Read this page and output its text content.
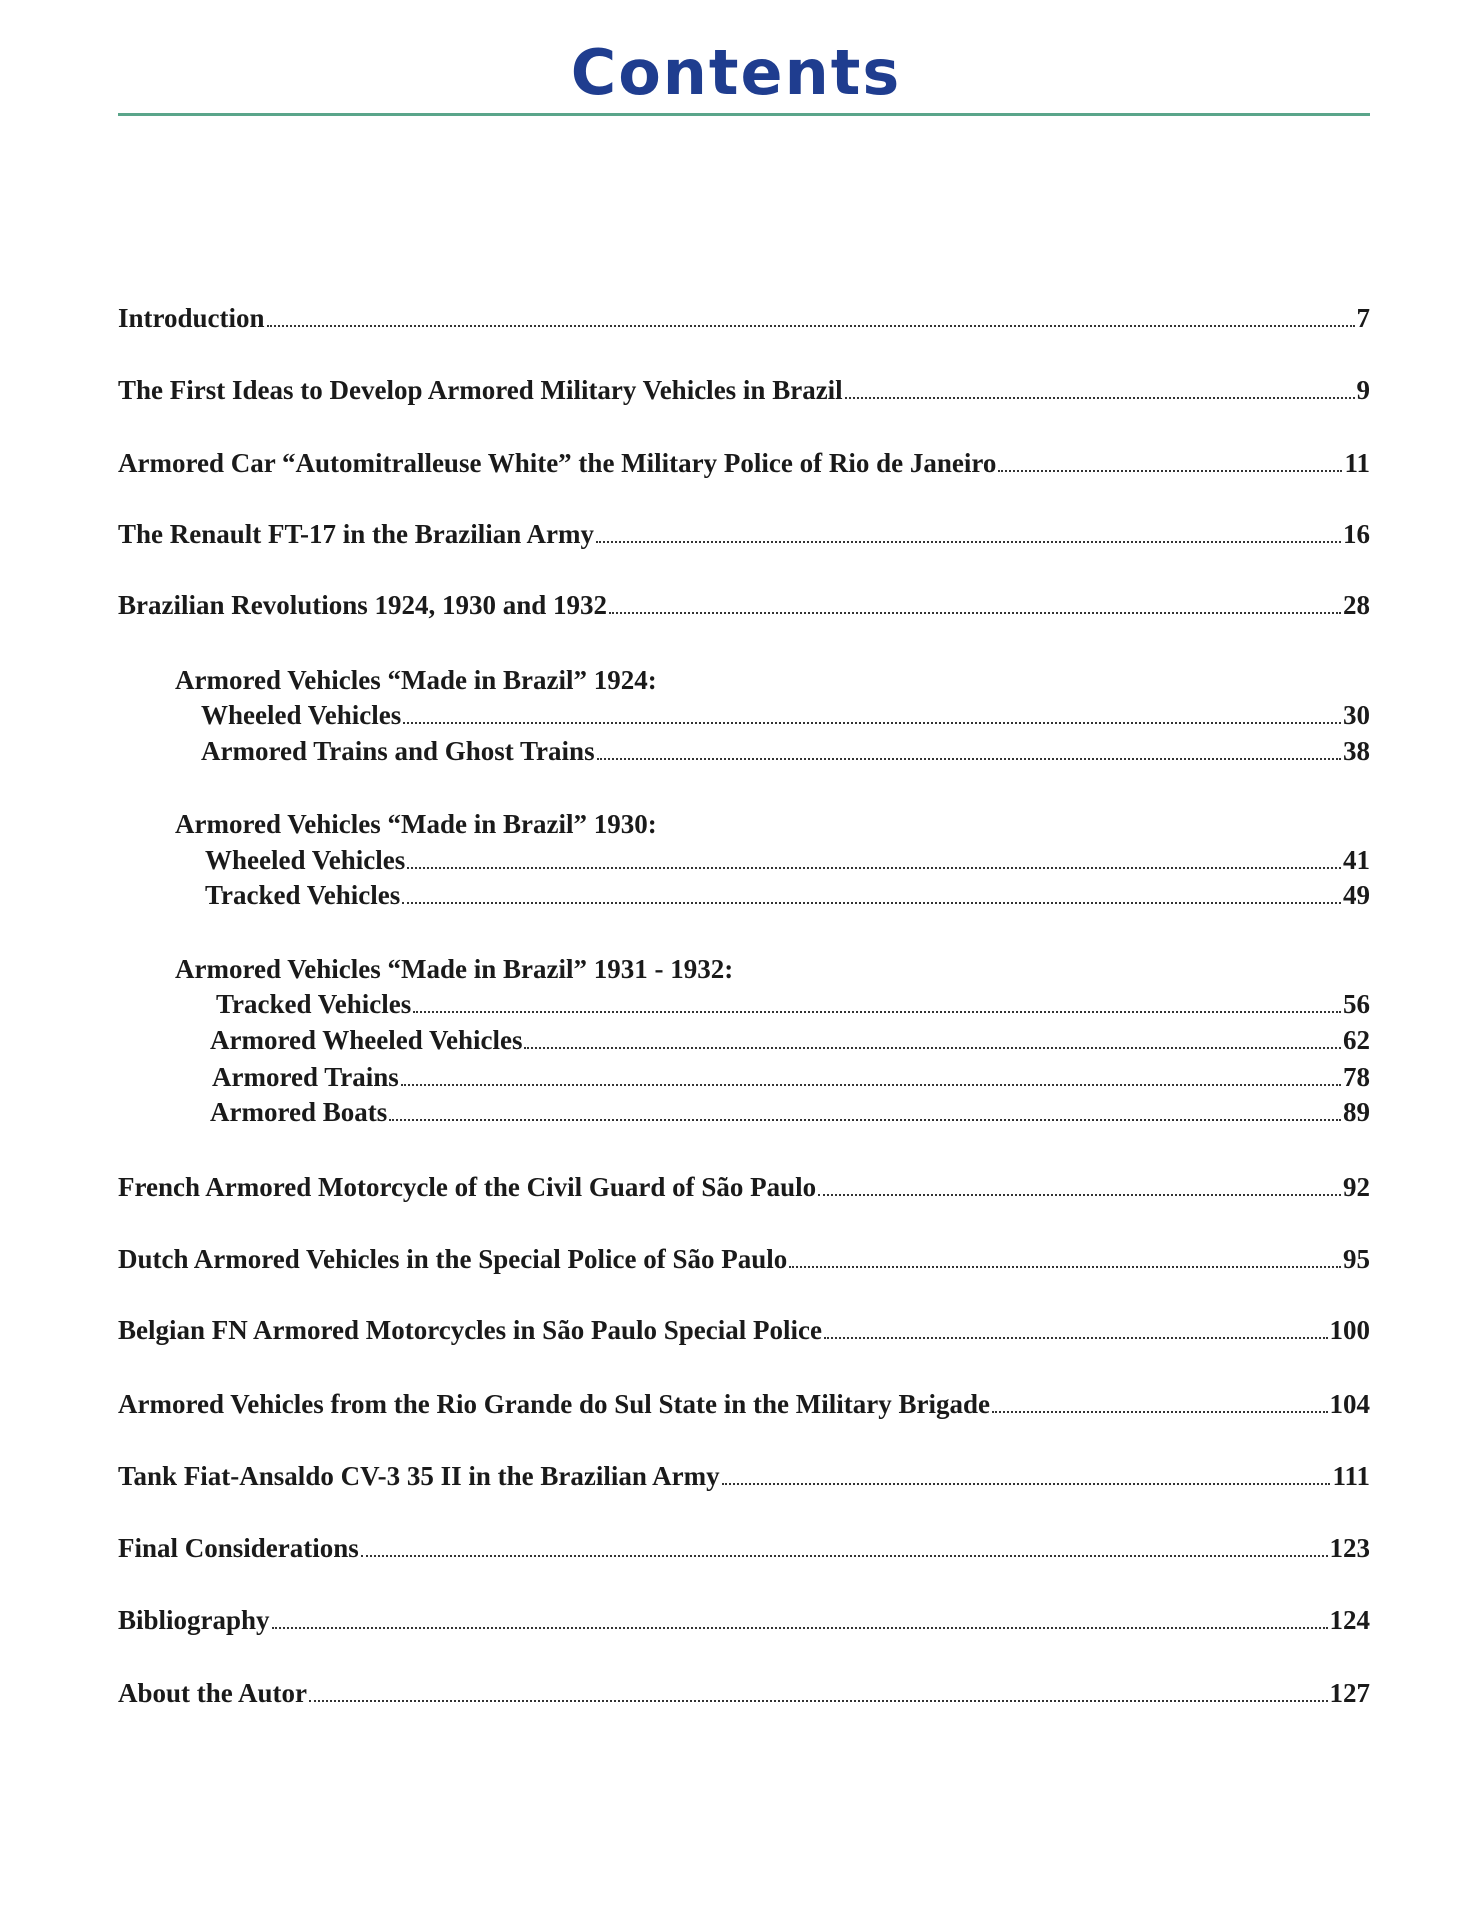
Contents
Introduction	7
The First Ideas to Develop Armored Military Vehicles in Brazil	9
Armored Car “Automitralleuse White” the Military Police of Rio de Janeiro	11
The Renault FT-17 in the Brazilian Army	16
Brazilian Revolutions 1924, 1930 and 1932	28
Armored Vehicles “Made in Brazil” 1924:
Wheeled Vehicles	30
Armored Trains and Ghost Trains	38
Armored Vehicles “Made in Brazil” 1930:
Wheeled Vehicles	41
Tracked Vehicles	49
Armored Vehicles “Made in Brazil” 1931 - 1932:
Tracked Vehicles	56
Armored Wheeled Vehicles	62
Armored Trains	78
Armored Boats	89
French Armored Motorcycle of the Civil Guard of São Paulo	92
Dutch Armored Vehicles in the Special Police of São Paulo	95
Belgian FN Armored Motorcycles in São Paulo Special Police	100
Armored Vehicles from the Rio Grande do Sul State in the Military Brigade	104
Tank Fiat-Ansaldo CV-3 35 II in the Brazilian Army	111
Final Considerations	123
Bibliography	124
About the Autor	127
